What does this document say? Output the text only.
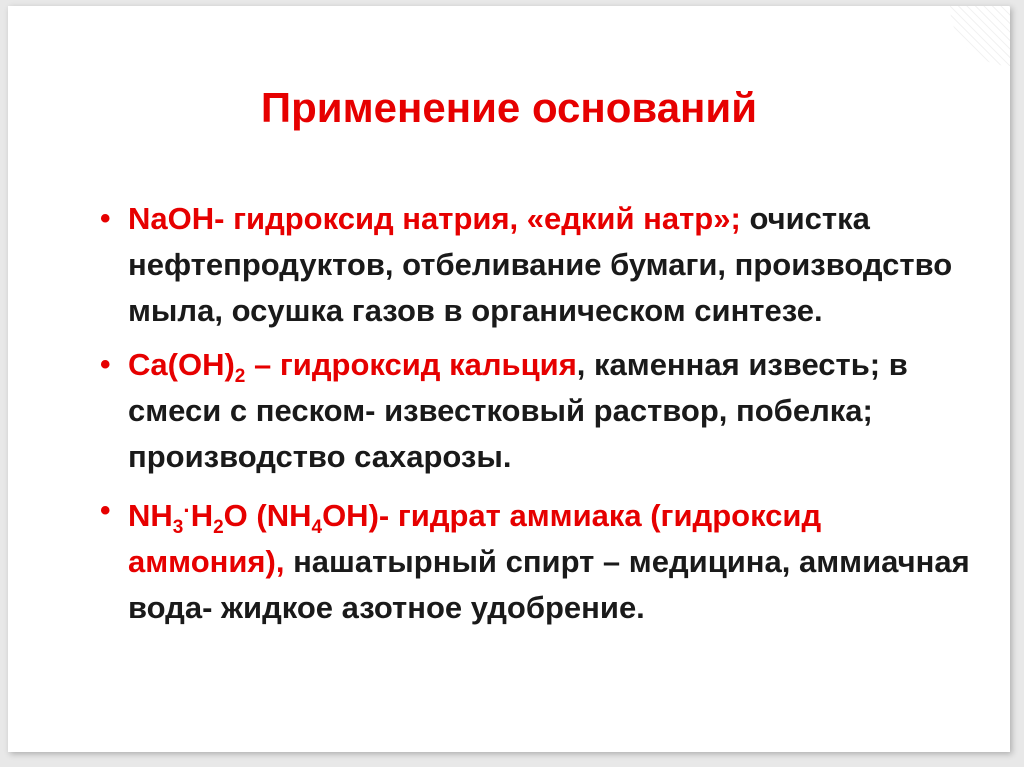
Применение оснований
• NaOH- гидроксид натрия, «едкий натр»; очистка нефтепродуктов, отбеливание бумаги, производство мыла, осушка газов в органическом синтезе.
• $Ca(OH)_2$ – гидроксид кальция, каменная известь; в смеси с песком- известковый раствор, побелка; производство сахарозы.
• $NH_3^\cdot H_2O$ $(NH_4OH)-$ гидрат аммиака (гидроксид аммония), нашатырный спирт – медицина, аммиачная вода- жидкое азотное удобрение.
